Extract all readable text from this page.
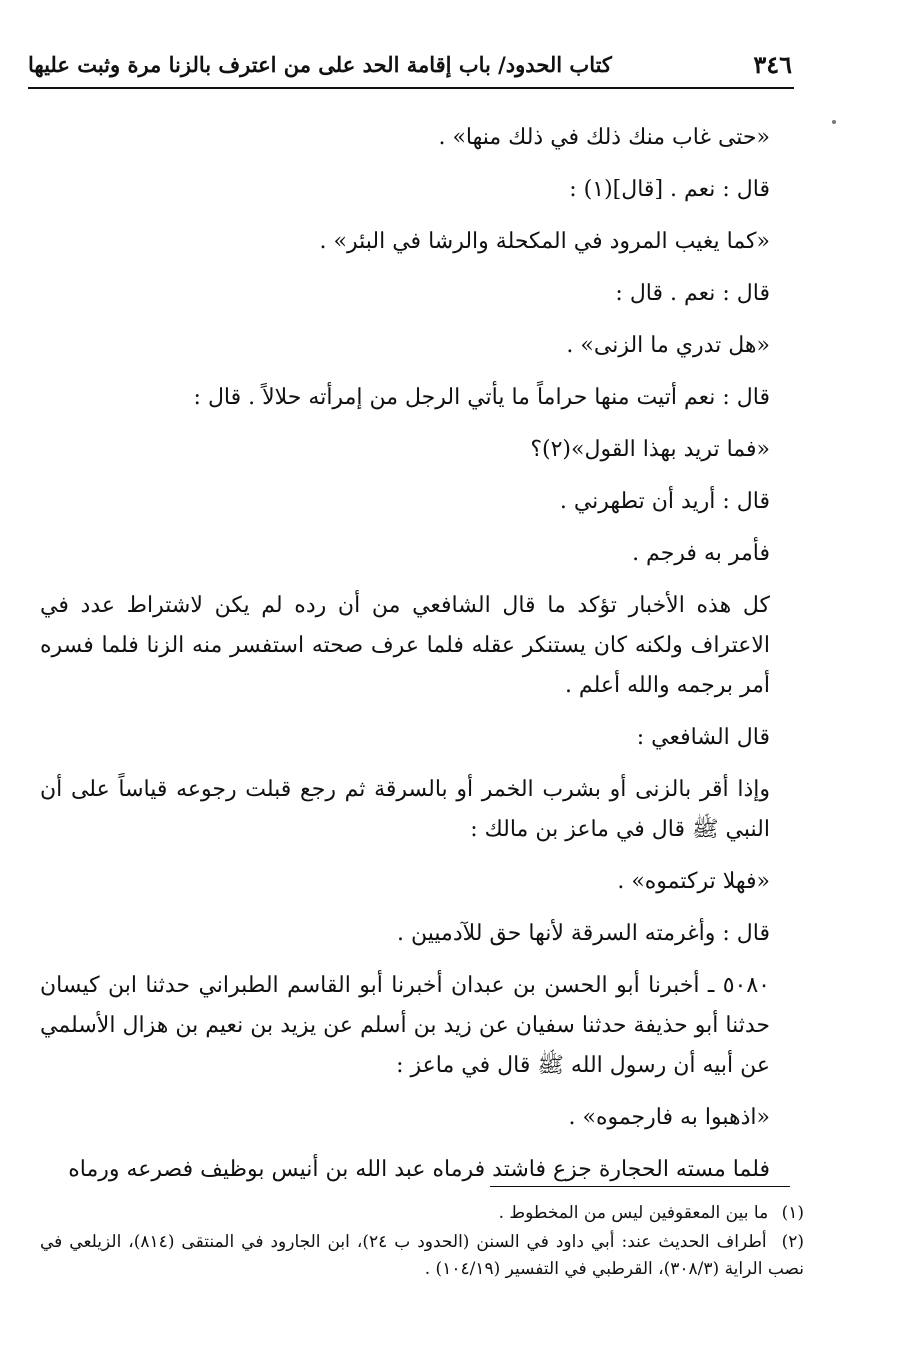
٣٤٦
كتاب الحدود/ باب إقامة الحد على من اعترف بالزنا مرة وثبت عليها

«حتى غاب منك ذلك في ذلك منها» .

قال : نعم . [قال](١) :

«كما يغيب المرود في المكحلة والرشا في البئر» .

قال : نعم . قال :

«هل تدري ما الزنى» .

قال : نعم أتيت منها حراماً ما يأتي الرجل من إمرأته حلالاً . قال :

«فما تريد بهذا القول»(٢)؟

قال : أريد أن تطهرني .

فأمر به فرجم .

كل هذه الأخبار تؤكد ما قال الشافعي من أن رده لم يكن لاشتراط عدد في الاعتراف ولكنه كان يستنكر عقله فلما عرف صحته استفسر منه الزنا فلما فسره أمر برجمه والله أعلم .

قال الشافعي :

وإذا أقر بالزنى أو بشرب الخمر أو بالسرقة ثم رجع قبلت رجوعه قياساً على أن النبي ﷺ قال في ماعز بن مالك :

«فهلا تركتموه» .

قال : وأغرمته السرقة لأنها حق للآدميين .

٥٠٨٠ ـ أخبرنا أبو الحسن بن عبدان أخبرنا أبو القاسم الطبراني حدثنا ابن كيسان حدثنا أبو حذيفة حدثنا سفيان عن زيد بن أسلم عن يزيد بن نعيم بن هزال الأسلمي عن أبيه أن رسول الله ﷺ قال في ماعز :

«اذهبوا به فارجموه» .

فلما مسته الحجارة جزع فاشتد فرماه عبد الله بن أنيس بوظيف فصرعه ورماه

(١) ما بين المعقوفين ليس من المخطوط .

(٢) أطراف الحديث عند: أبي داود في السنن (الحدود ب ٢٤)، ابن الجارود في المنتقى (٨١٤)، الزيلعي في نصب الراية (٣٠٨/٣)، القرطبي في التفسير (١٠٤/١٩) .
